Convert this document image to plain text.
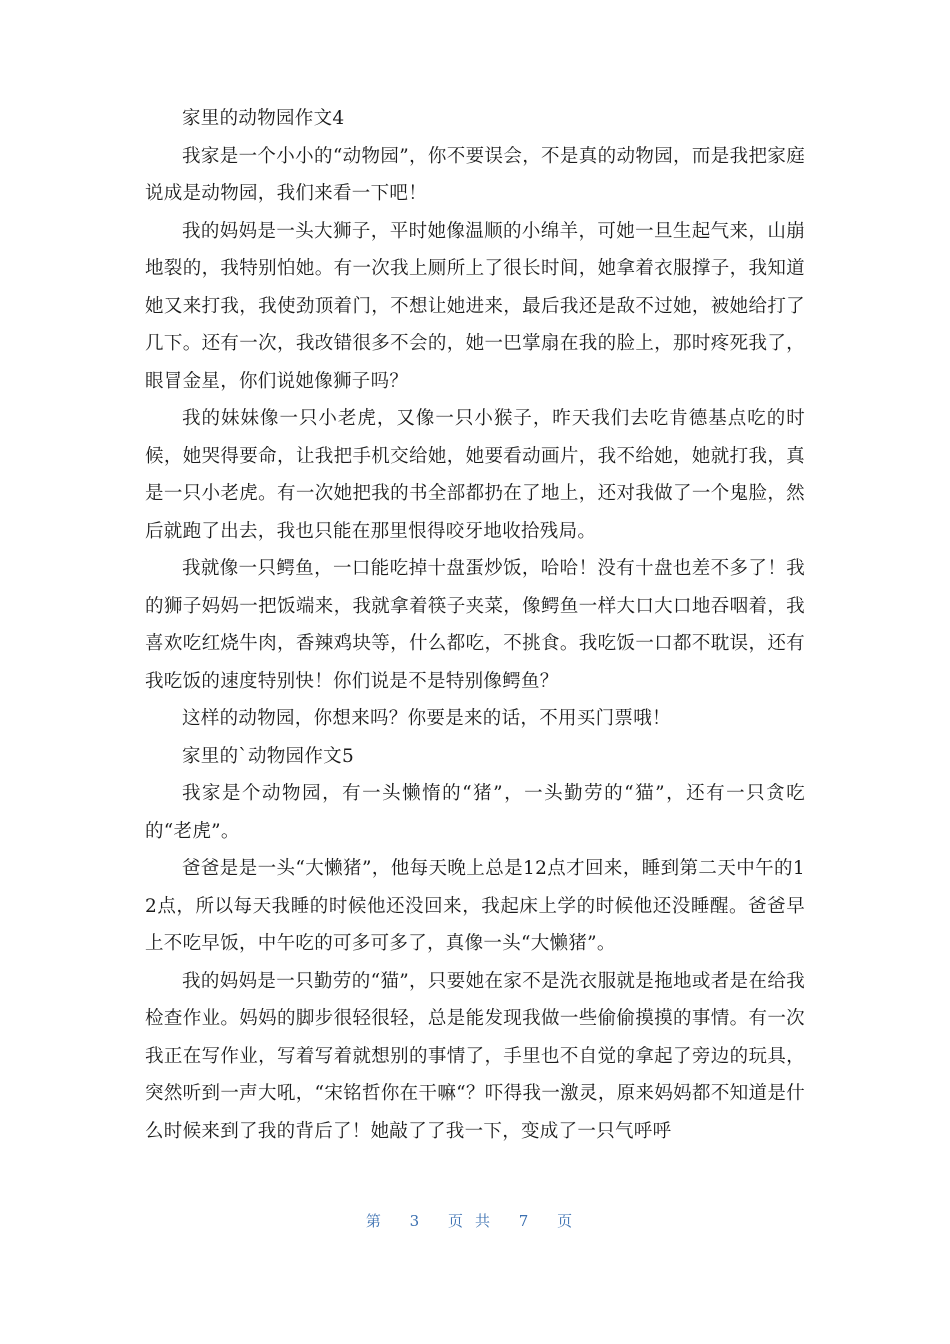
家里的动物园作文4

我家是一个小小的“动物园”，你不要误会，不是真的动物园，而是我把家庭说成是动物园，我们来看一下吧！

我的妈妈是一头大狮子，平时她像温顺的小绵羊，可她一旦生起气来，山崩地裂的，我特别怕她。有一次我上厕所上了很长时间，她拿着衣服撑子，我知道她又来打我，我使劲顶着门，不想让她进来，最后我还是敌不过她，被她给打了几下。还有一次，我改错很多不会的，她一巴掌扇在我的脸上，那时疼死我了，眼冒金星，你们说她像狮子吗？

我的妹妹像一只小老虎，又像一只小猴子，昨天我们去吃肯德基点吃的时候，她哭得要命，让我把手机交给她，她要看动画片，我不给她，她就打我，真是一只小老虎。有一次她把我的书全部都扔在了地上，还对我做了一个鬼脸，然后就跑了出去，我也只能在那里恨得咬牙地收拾残局。

我就像一只鳄鱼，一口能吃掉十盘蛋炒饭，哈哈！没有十盘也差不多了！我的狮子妈妈一把饭端来，我就拿着筷子夹菜，像鳄鱼一样大口大口地吞咽着，我喜欢吃红烧牛肉，香辣鸡块等，什么都吃，不挑食。我吃饭一口都不耽误，还有我吃饭的速度特别快！你们说是不是特别像鳄鱼？

这样的动物园，你想来吗？你要是来的话，不用买门票哦！

家里的`动物园作文5

我家是个动物园，有一头懒惰的“猪”，一头勤劳的“猫”，还有一只贪吃的“老虎”。

爸爸是是一头“大懒猪”，他每天晚上总是12点才回来，睡到第二天中午的12点，所以每天我睡的时候他还没回来，我起床上学的时候他还没睡醒。爸爸早上不吃早饭，中午吃的可多可多了，真像一头“大懒猪”。

我的妈妈是一只勤劳的“猫”，只要她在家不是洗衣服就是拖地或者是在给我检查作业。妈妈的脚步很轻很轻，总是能发现我做一些偷偷摸摸的事情。有一次我正在写作业，写着写着就想别的事情了，手里也不自觉的拿起了旁边的玩具，突然听到一声大吼，“宋铭哲你在干嘛“？吓得我一激灵，原来妈妈都不知道是什么时候来到了我的背后了！她敲了了我一下，变成了一只气呼呼

第 3 页共 7 页
